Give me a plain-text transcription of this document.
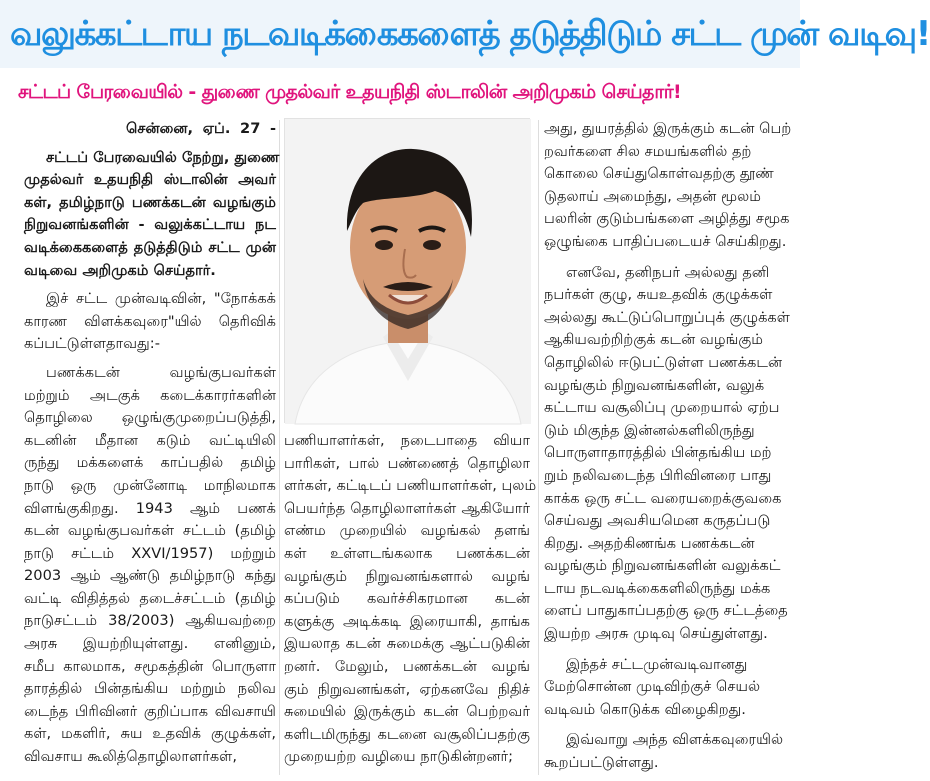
வலுக்கட்டாய நடவடிக்கைகளைத் தடுத்திடும் சட்ட முன் வடிவு!
சட்டப் பேரவையில் - துணை முதல்வர் உதயநிதி ஸ்டாலின் அறிமுகம் செய்தார்!
சென்னை, ஏப். 27 -
சட்டப் பேரவையில் நேற்று, துணை
முதல்வர் உதயநிதி ஸ்டாலின் அவர்
கள், தமிழ்நாடு பணக்கடன் வழங்கும்
நிறுவனங்களின் - வலுக்கட்டாய நட
வடிக்கைகளைத் தடுத்திடும் சட்ட முன்
வடிவை அறிமுகம் செய்தார்.
இச் சட்ட முன்வடிவின், "நோக்கக்
காரண விளக்கவுரை"யில் தெரிவிக்
கப்பட்டுள்ளதாவது:-
பணக்கடன் வழங்குபவர்கள்
மற்றும் அடகுக் கடைக்காரர்களின்
தொழிலை ஒழுங்குமுறைப்படுத்தி,
கடனின் மீதான கடும் வட்டியிலி
ருந்து மக்களைக் காப்பதில் தமிழ்
நாடு ஒரு முன்னோடி மாநிலமாக
விளங்குகிறது. 1943 ஆம் பணக்
கடன் வழங்குபவர்கள் சட்டம் (தமிழ்
நாடு சட்டம் XXVI/1957) மற்றும்
2003 ஆம் ஆண்டு தமிழ்நாடு கந்து
வட்டி விதித்தல் தடைச்சட்டம் (தமிழ்
நாடுசட்டம் 38/2003) ஆகியவற்றை
அரசு இயற்றியுள்ளது. எனினும்,
சமீப காலமாக, சமூகத்தின் பொருளா
தாரத்தில் பின்தங்கிய மற்றும் நலிவ
டைந்த பிரிவினர் குறிப்பாக விவசாயி
கள், மகளிர், சுய உதவிக் குழுக்கள்,
விவசாய கூலித்தொழிலாளர்கள்,
பணியாளர்கள், நடைபாதை வியா
பாரிகள், பால் பண்ணைத் தொழிலா
ளர்கள், கட்டிடப் பணியாளர்கள், புலம்
பெயர்ந்த தொழிலாளர்கள் ஆகியோர்
எண்ம முறையில் வழங்கல் தளங்
கள் உள்ளடங்கலாக பணக்கடன்
வழங்கும் நிறுவனங்களால் வழங்
கப்படும் கவர்ச்சிகரமான கடன்
களுக்கு அடிக்கடி இரையாகி, தாங்க
இயலாத கடன் சுமைக்கு ஆட்படுகின்
றனர். மேலும், பணக்கடன் வழங்
கும் நிறுவனங்கள், ஏற்கனவே நிதிச்
சுமையில் இருக்கும் கடன் பெற்றவர்
களிடமிருந்து கடனை வசூலிப்பதற்கு
முறையற்ற வழியை நாடுகின்றனர்;
அது, துயரத்தில் இருக்கும் கடன் பெற்
றவர்களை சில சமயங்களில் தற்
கொலை செய்துகொள்வதற்கு தூண்
டுதலாய் அமைந்து, அதன் மூலம்
பலரின் குடும்பங்களை அழித்து சமூக
ஒழுங்கை பாதிப்படையச் செய்கிறது.
எனவே, தனிநபர் அல்லது தனி
நபர்கள் குழு, சுயஉதவிக் குழுக்கள்
அல்லது கூட்டுப்பொறுப்புக் குழுக்கள்
ஆகியவற்றிற்குக் கடன் வழங்கும்
தொழிலில் ஈடுபட்டுள்ள பணக்கடன்
வழங்கும் நிறுவனங்களின், வலுக்
கட்டாய வசூலிப்பு முறையால் ஏற்ப
டும் மிகுந்த இன்னல்களிலிருந்து
பொருளாதாரத்தில் பின்தங்கிய மற்
றும் நலிவடைந்த பிரிவினரை பாது
காக்க ஒரு சட்ட வரையறைக்குவகை
செய்வது அவசியமென கருதப்படு
கிறது. அதற்கிணங்க பணக்கடன்
வழங்கும் நிறுவனங்களின் வலுக்கட்
டாய நடவடிக்கைகளிலிருந்து மக்க
ளைப் பாதுகாப்பதற்கு ஒரு சட்டத்தை
இயற்ற அரசு முடிவு செய்துள்ளது.
இந்தச் சட்டமுன்வடிவானது
மேற்சொன்ன முடிவிற்குச் செயல்
வடிவம் கொடுக்க விழைகிறது.
இவ்வாறு அந்த விளக்கவுரையில்
கூறப்பட்டுள்ளது.
